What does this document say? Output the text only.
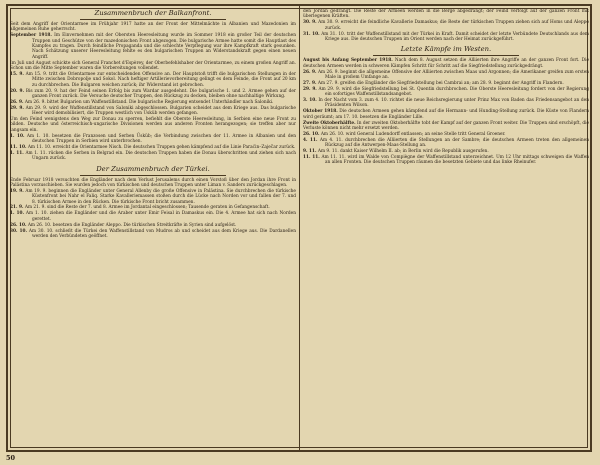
Zusammenbruch der Balkanfront.

Seit dem Angriff der Orientarmee im Frühjahr 1917 hatte an der Front der Mittelmächte in Albanien und Mazedonien im allgemeinen Ruhe geherrscht.

September 1918. Im Einvernehmen mit der Obersten Heeresleitung wurde im Sommer 1918 ein großer Teil der deutschen Truppen und Geschütze von der mazedonischen Front abgezogen. Die bulgarische Armee hatte somit die Hauptlast des Kampfes zu tragen. Durch feindliche Propaganda und die schlechte Verpflegung war ihre Kampfkraft stark gesunken. Nach Schätzung unserer Heeresleitung fehlte es den bulgarischen Truppen an Widerstandskraft gegen einen neuen Angriff.

Im Juli und August schickte sich General Franchet d'Espèrey, der Oberbefehlshaber der Orientarmee, zu einem großen Angriff an. Schon um die Mitte September waren die Vorbereitungen vollendet.

15. 9. Am 15. 9. tritt die Orientarmee zur entscheidenden Offensive an. Der Hauptstoß trifft die bulgarischen Stellungen in der Mitte zwischen Dobropolje und Sokol. Nach heftiger Artillerievorbereitung gelingt es dem Feinde, die Front auf 20 km zu durchbrechen. Die Bulgaren weichen zurück; ihr Widerstand ist gebrochen.

20. 9. Bis zum 20. 9. hat der Feind seinen Erfolg bis zum Wardar ausgedehnt. Die bulgarische 1. und 2. Armee gehen auf der ganzen Front zurück. Die Versuche deutscher Truppen, den Rückzug zu decken, bleiben ohne nachhaltige Wirkung.

26. 9. Am 26. 9. bittet Bulgarien um Waffenstillstand. Die bulgarische Regierung entsendet Unterhändler nach Saloniki.

29. 9. Am 29. 9. wird der Waffenstillstand von Saloniki abgeschlossen. Bulgarien scheidet aus dem Kriege aus. Das bulgarische Heer wird demobilisiert, die Truppen westlich von Üsküb werden gefangen.

Um den Feind wenigstens den Weg zur Donau zu sperren, befiehlt die Oberste Heeresleitung, in Serbien eine neue Front zu bilden. Deutsche und österreichisch-ungarische Divisionen werden aus anderen Fronten herangezogen; sie treffen aber nur langsam ein.

1. 10. Am 1. 10. besetzen die Franzosen und Serben Üsküb; die Verbindung zwischen der 11. Armee in Albanien und den deutschen Truppen in Serbien wird unterbrochen.

11. 10. Am 11. 10. erreicht die Orientarmee Nisch. Die deutschen Truppen gehen kämpfend auf die Linie Paraćin–Zaječar zurück.

1. 11. Am 1. 11. rücken die Serben in Belgrad ein. Die deutschen Truppen haben die Donau überschritten und ziehen sich nach Ungarn zurück.

Der Zusammenbruch der Türkei.

Ende Februar 1918 versuchten die Engländer nach dem Verlust Jerusalems durch einen Vorstoß über den Jordan ihre Front in Palästina vorzuschieben. Sie wurden jedoch von türkischen und deutschen Truppen unter Liman v. Sanders zurückgeschlagen.

19. 9. Am 19. 9. beginnen die Engländer unter General Allenby die große Offensive in Palästina. Sie durchbrechen die türkische Küstenfront bei Nahr el Faliq. Starke Kavalleriemassen stoßen durch die Lücke nach Norden vor und fallen der 7. und 8. türkischen Armee in den Rücken. Die türkische Front bricht zusammen.

21. 9. Am 21. 9. sind die Reste der 7. und 8. Armee im Jordantal eingeschlossen; Tausende geraten in Gefangenschaft.

1. 10. Am 1. 10. ziehen die Engländer und die Araber unter Emir Feisal in Damaskus ein. Die 4. Armee hat sich nach Norden gerettet.

26. 10. Am 26. 10. besetzen die Engländer Aleppo. Die türkischen Streitkräfte in Syrien sind aufgelöst.

30. 10. Am 30. 10. schließt die Türkei den Waffenstillstand von Mudros ab und scheidet aus dem Kriege aus. Die Dardanellen werden den Verbündeten geöffnet.

den Jordan gedrängt. Die Reste der Armeen werden in die Berge abgedrängt; der Feind verfolgt auf der ganzen Front mit überlegenen Kräften.

30. 9. Am 30. 9. erreicht die feindliche Kavallerie Damaskus; die Reste der türkischen Truppen ziehen sich auf Homs und Aleppo zurück.

31. 10. Am 31. 10. tritt der Waffenstillstand mit der Türkei in Kraft. Damit scheidet der letzte Verbündete Deutschlands aus dem Kriege aus. Die deutschen Truppen im Orient werden nach der Heimat zurückgeführt.

Letzte Kämpfe im Westen.

August bis Anfang September 1918. Nach dem 8. August setzen die Alliierten ihre Angriffe an der ganzen Front fort. Die deutschen Armeen werden in schweren Kämpfen Schritt für Schritt auf die Siegfriedstellung zurückgedrängt.

26. 9. Am 26. 9. beginnt die allgemeine Offensive der Alliierten zwischen Maas und Argonnen; die Amerikaner greifen zum ersten Male in großem Umfange an.

27. 9. Am 27. 9. greifen die Engländer die Siegfriedstellung bei Cambrai an; am 28. 9. beginnt der Angriff in Flandern.

29. 9. Am 29. 9. wird die Siegfriedstellung bei St. Quentin durchbrochen. Die Oberste Heeresleitung fordert von der Regierung ein sofortiges Waffenstillstandsangebot.

3. 10. In der Nacht vom 3. zum 4. 10. richtet die neue Reichsregierung unter Prinz Max von Baden das Friedensangebot an den Präsidenten Wilson.

Oktober 1918. Die deutschen Armeen gehen kämpfend auf die Hermann- und Hunding-Stellung zurück. Die Küste von Flandern wird geräumt; am 17. 10. besetzen die Engländer Lille.

Zweite Oktoberhälfte. In der zweiten Oktoberhälfte tobt der Kampf auf der ganzen Front weiter. Die Truppen sind erschöpft, die Verluste können nicht mehr ersetzt werden.

26. 10. Am 26. 10. wird General Ludendorff entlassen; an seine Stelle tritt General Groener.

4. 11. Am 4. 11. durchbrechen die Alliierten die Stellungen an der Sambre; die deutschen Armeen treten den allgemeinen Rückzug auf die Antwerpen-Maas-Stellung an.

9. 11. Am 9. 11. dankt Kaiser Wilhelm II. ab; in Berlin wird die Republik ausgerufen.

11. 11. Am 11. 11. wird im Walde von Compiègne der Waffenstillstand unterzeichnet. Um 12 Uhr mittags schweigen die Waffen an allen Fronten. Die deutschen Truppen räumen die besetzten Gebiete und das linke Rheinufer.

50
